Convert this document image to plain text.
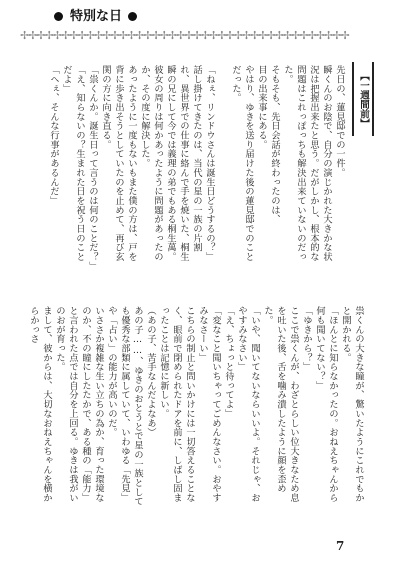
特別な日
✢✢✢✢✢✢✢✢✢✢✢✢✢✢✢✢✢✢✢✢✢✢✢✢✢✢✢✢✢✢✢✢✢✢✢✢✢✢✢✢
【一週間前】

先日の、蓮見邸での一件。

瞬くんのお陰で、自分の演じかれた大きかな状況は把握出来たと思う。だがしかし、根本的な問題はこれっぽっちも解決出来ていないのだった。

そもそも、先日会話が終わったのは、

目の出来事にある。

やはり、ゆきを送り届けた後の蓮見邸でのことだった。

「ねぇ、リンドウさんは誕生日どうするの？」

話し掛けてきたのは、当代の星の一族の片割れ、異世界での仕事に絡んで手を焼いた、桐生瞬の兄にして今では義理の弟でもある桐生萬。彼女の周りは何かあったように問題があったのか、その度に解決した。

あったように一度もないもまた僕の方は、戸を背に歩き出そうとしていたのを止めて、再び玄関の方に向き直る。

「祟くんか。誕生日って言うのは何のことだ？」

「え、知らないの？生まれた日を祝う日のことだよ」

「へぇ、そんな行事があるんだ」

祟くんの大きな瞳が、驚いたようにこれでもかと開かれる。

「ほんとに知らなかったの。おねえちゃんから何も聞いてない？」

「ゆきから？」

ここで祟くんが、わざとらしい位大きなため息を吐いた後、舌を噛み潰したように顔を歪めた。

「いや、聞いてないならいいよ。それじゃ、おやすみなさい」

「え、ちょっと待ってよ」

「変なこと聞いちゃってごめんなさい。おやすみなさーい」

こちらの制止と問いかけには一切答えることなく、眼前で閉められたドアを前に、しばし固まったことは記憶に新しい。

（あの子、苦手なんだよなあ）

あの子……、ゆきのおとうとで星の一族としても優秀な部類に属していて、いわゆる「先見」や「占い」の能力が高いのだ。

いささか複雑な生い立ちの為か、育った環境なのか、不の瞳にしたたかで、ある種の「能力」と言われた点では自分を上回る。ゆきは我がいのおが育った。

まして、彼からは、大切なおねえちゃんを横からかっさ

7
